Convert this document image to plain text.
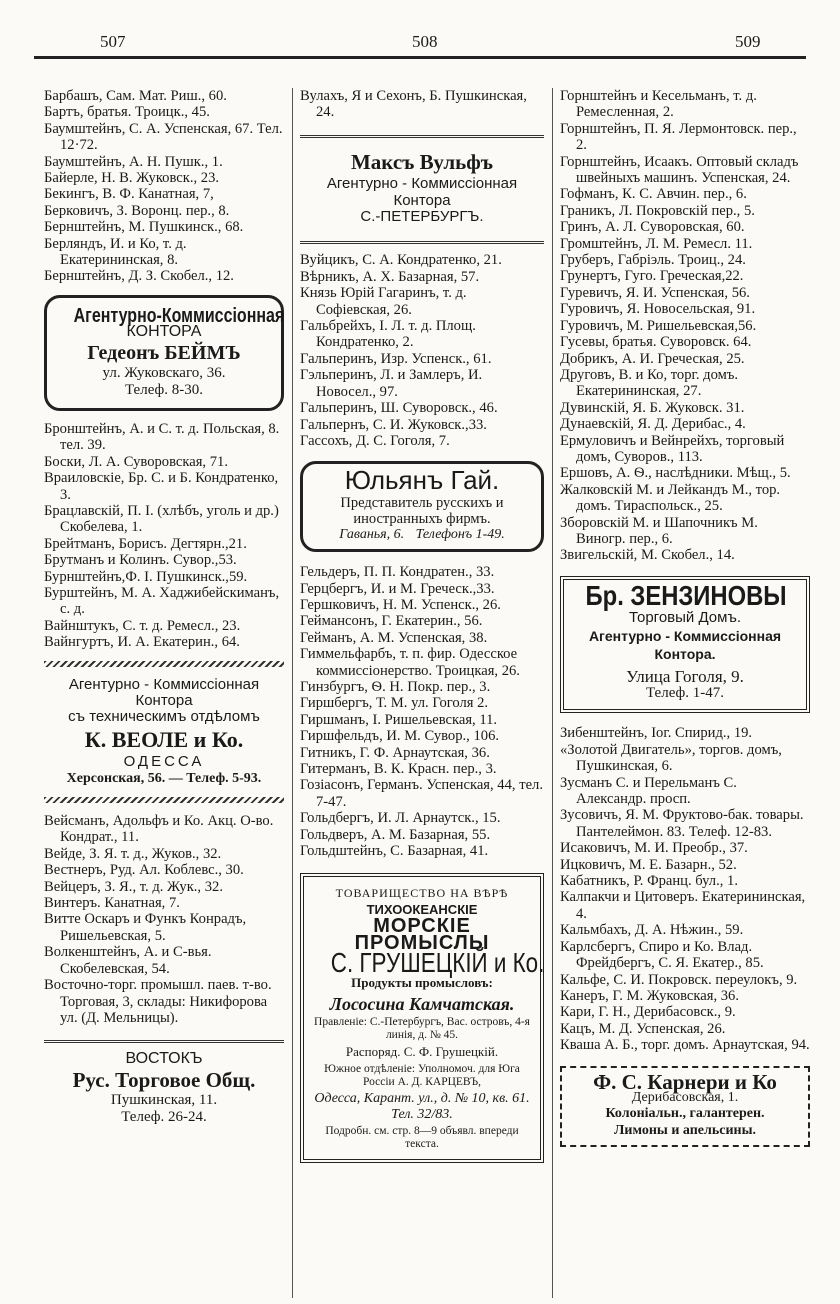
507	508	509
Барбашъ, Сам. Мат. Риш., 60.
Бартъ, братья. Троицк., 45.
Баумштейнъ, С. А. Успенская, 67. Тел. 12·72.
Баумштейнъ, А. Н. Пушк., 1.
Байерле, Н. В. Жуковск., 23.
Бекингъ, В. Ф. Канатная, 7,
Берковичъ, З. Воронц. пер., 8.
Бернштейнъ, М. Пушкинск., 68.
Берляндъ, И. и Ко, т. д. Екатерининская, 8.
Бернштейнъ, Д. З. Скобел., 12.
Агентурно-Коммиссіонная
КОНТОРА
Гедеонъ БЕЙМЪ
ул. Жуковскаго, 36.
Телеф. 8-30.
Бронштейнъ, А. и С. т. д. Польская, 8. тел. 39.
Боски, Л. А. Суворовская, 71.
Враиловскіе, Бр. С. и Б. Кондратенко, 3.
Брацлавскій, П. І. (хлѣбъ, уголь и др.) Скобелева, 1.
Брейтманъ, Борисъ. Дегтярн.,21.
Брутманъ и Колинъ. Сувор.,53.
Бурнштейнъ,Ф. І. Пушкинск.,59.
Бурштейнъ, М. А. Хаджибейскиманъ, с. д.
Вайнштукъ, С. т. д. Ремесл., 23.
Вайнгуртъ, И. А. Екатерин., 64.
Агентурно - Коммиссіонная
Контора
съ техническимъ отдѣломъ
К. ВЕОЛЕ и Ко.
ОДЕССА
Херсонская, 56. — Телеф. 5-93.
Вейсманъ, Адольфъ и Ко. Акц. О-во. Кондрат., 11.
Вейде, З. Я. т. д., Жуков., 32.
Вестнеръ, Руд. Ал. Коблевс., 30.
Вейцеръ, З. Я., т. д. Жук., 32.
Винтеръ. Канатная, 7.
Витте Оскаръ и Функъ Конрадъ, Ришельевская, 5.
Волкенштейнъ, А. и С-вья. Скобелевская, 54.
Восточно-торг. промышл. паев. т-во. Торговая, 3, склады: Никифорова ул. (Д. Мельницы).
ВОСТОКЪ
Рус. Торговое Общ.
Пушкинская, 11.
Телеф. 26-24.
Вулахъ, Я и Сехонъ, Б. Пушкинская, 24.
Максъ Вульфъ
Агентурно - Коммиссіонная
Контора
С.-ПЕТЕРБУРГЪ.
Вуйцикъ, С. А. Кондратенко, 21.
Вѣрникъ, А. Х. Базарная, 57.
Князь Юрій Гагаринъ, т. д. Софіевская, 26.
Гальбрейхъ, І. Л. т. д. Площ. Кондратенко, 2.
Гальперинъ, Изр. Успенск., 61.
Гэльперинъ, Л. и Замлеръ, И. Новосел., 97.
Гальперинъ, Ш. Суворовск., 46.
Гальпернъ, С. И. Жуковск.,33.
Гассохъ, Д. С. Гоголя, 7.
Юльянъ Гай.
Представитель русскихъ и иностранныхъ фирмъ.
Гаванья, 6. Телефонъ 1-49.
Гельдеръ, П. П. Кондратен., 33.
Герцбергъ, И. и М. Греческ.,33.
Гершковичъ, Н. М. Успенск., 26.
Геймансонъ, Г. Екатерин., 56.
Гейманъ, А. М. Успенская, 38.
Гиммельфарбъ, т. п. фир. Одесское коммиссіонерство. Троицкая, 26.
Гинзбургъ, Ѳ. Н. Покр. пер., 3.
Гиршбергъ, Т. М. ул. Гоголя 2.
Гиршманъ, І. Ришельевская, 11.
Гиршфельдъ, И. М. Сувор., 106.
Гитникъ, Г. Ф. Арнаутская, 36.
Гитерманъ, В. К. Красн. пер., 3.
Гозіасонъ, Германъ. Успенская, 44, тел. 7-47.
Гольдбергъ, И. Л. Арнаутск., 15.
Гольдверъ, А. М. Базарная, 55.
Гольдштейнъ, С. Базарная, 41.
ТОВАРИЩЕСТВО НА ВѢРѢ
ТИХООКЕАНСКІЕ
МОРСКІЕ ПРОМЫСЛЫ
С. ГРУШЕЦКІЙ и Ко.
Продукты промысловъ:
Лососина Камчатская.
Правленіе: С.-Петербургъ, Вас. островъ, 4-я линія, д. № 45.
Распоряд. С. Ф. Грушецкій.
Южное отдѣленіе: Уполномоч. для Юга Россіи А. Д. КАРЦЕВЪ,
Одесса, Карант. ул., д. № 10, кв. 61. Тел. 32/83.
Подробн. см. стр. 8—9 объявл. впереди текста.
Горнштейнъ и Кесельманъ, т. д. Ремесленная, 2.
Горнштейнъ, П. Я. Лермонтовск. пер., 2.
Горнштейнъ, Исаакъ. Оптовый складъ швейныхъ машинъ. Успенская, 24.
Гофманъ, К. С. Авчин. пер., 6.
Граникъ, Л. Покровскій пер., 5.
Гринъ, А. Л. Суворовская, 60.
Громштейнъ, Л. М. Ремесл. 11.
Груберъ, Габріэль. Троиц., 24.
Грунертъ, Гуго. Греческая,22.
Гуревичъ, Я. И. Успенская, 56.
Гуровичъ, Я. Новосельская, 91.
Гуровичъ, М. Ришельевская,56.
Гусевы, братья. Суворовск. 64.
Добрикъ, А. И. Греческая, 25.
Друговъ, В. и Ко, торг. домъ. Екатерининская, 27.
Дувинскій, Я. Б. Жуковск. 31.
Дунаевскій, Я. Д. Дерибас., 4.
Ермуловичъ и Вейнрейхъ, торговый домъ, Суворов., 113.
Ершовъ, А. Ѳ., наслѣдники. Мѣщ., 5.
Жалковскій М. и Лейкандъ М., тор. домъ. Тираспольск., 25.
Зборовскій М. и Шапочникъ М. Виногр. пер., 6.
Звигельскій, М. Скобел., 14.
Бр. ЗЕНЗИНОВЫ
Торговый Домъ.
Агентурно - Коммиссіонная Контора.
Улица Гоголя, 9.
Телеф. 1-47.
Зибенштейнъ, Іог. Спирид., 19.
«Золотой Двигатель», торгов. домъ, Пушкинская, 6.
Зусманъ С. и Перельманъ С. Александр. просп.
Зусовичъ, Я. М. Фруктово-бак. товары. Пантелеймон. 83. Телеф. 12-83.
Исаковичъ, М. И. Преобр., 37.
Ицковичъ, М. Е. Базарн., 52.
Кабатникъ, Р. Франц. бул., 1.
Калпакчи и Цитоверъ. Екатерининская, 4.
Кальмбахъ, Д. А. Нѣжин., 59.
Карлсбергъ, Спиро и Ко. Влад. Фрейдбергъ, С. Я. Екатер., 85.
Кальфе, С. И. Покровск. переулокъ, 9.
Канеръ, Г. М. Жуковская, 36.
Кари, Г. Н., Дерибасовск., 9.
Кацъ, М. Д. Успенская, 26.
Кваша А. Б., торг. домъ. Арнаутская, 94.
Ф. С. Карнери и Ко
Дерибасовская, 1.
Колоніальн., галантерен.
Лимоны и апельсины.
